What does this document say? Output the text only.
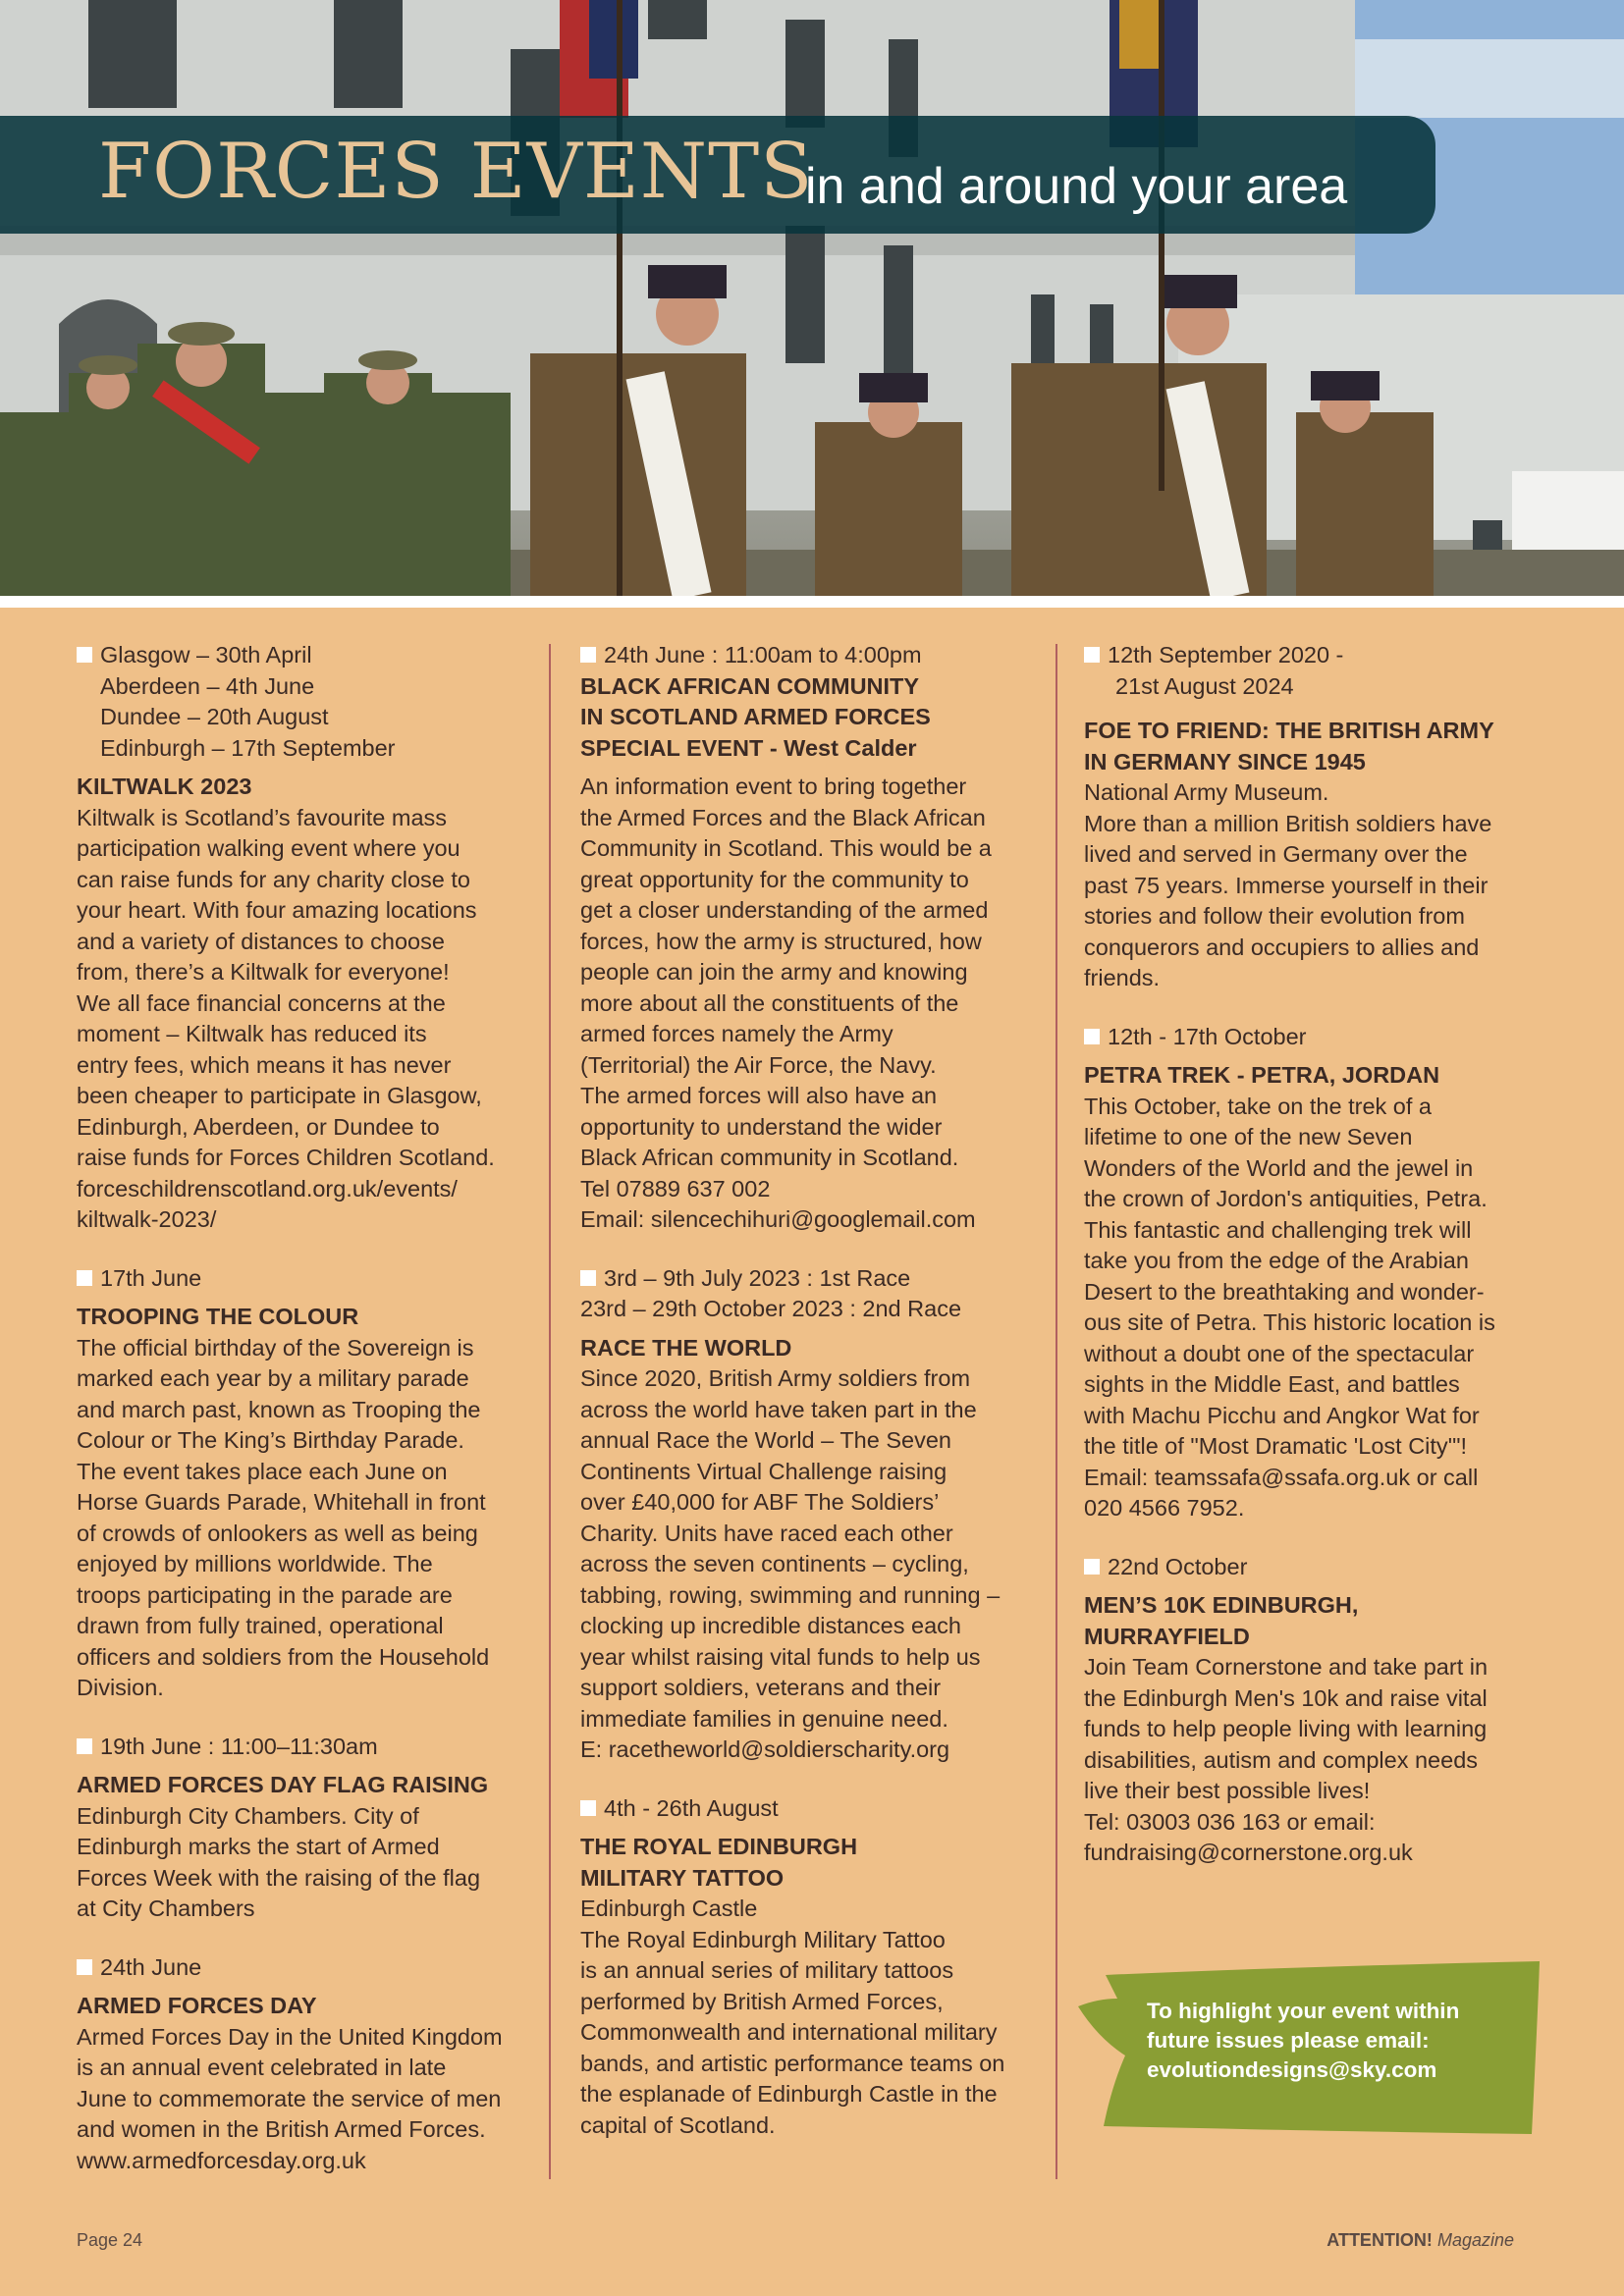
FORCES EVENTS
in and around your area
Glasgow – 30th April
Aberdeen – 4th June
Dundee – 20th August
Edinburgh – 17th September
KILTWALK 2023
Kiltwalk is Scotland’s favourite mass
participation walking event where you
can raise funds for any charity close to
your heart. With four amazing locations
and a variety of distances to choose
from, there’s a Kiltwalk for everyone!
We all face financial concerns at the
moment – Kiltwalk has reduced its
entry fees, which means it has never
been cheaper to participate in Glasgow,
Edinburgh, Aberdeen, or Dundee to
raise funds for Forces Children Scotland.
forceschildrenscotland.org.uk/events/
kiltwalk-2023/
17th June
TROOPING THE COLOUR
The official birthday of the Sovereign is
marked each year by a military parade
and march past, known as Trooping the
Colour or The King’s Birthday Parade.
The event takes place each June on
Horse Guards Parade, Whitehall in front
of crowds of onlookers as well as being
enjoyed by millions worldwide. The
troops participating in the parade are
drawn from fully trained, operational
officers and soldiers from the Household
Division.
19th June : 11:00–11:30am
ARMED FORCES DAY FLAG RAISING
Edinburgh City Chambers. City of
Edinburgh marks the start of Armed
Forces Week with the raising of the flag
at City Chambers
24th June
ARMED FORCES DAY
Armed Forces Day in the United Kingdom
is an annual event celebrated in late
June to commemorate the service of men
and women in the British Armed Forces.
www.armedforcesday.org.uk
24th June : 11:00am to 4:00pm
BLACK AFRICAN COMMUNITY
IN SCOTLAND ARMED FORCES
SPECIAL EVENT - West Calder
An information event to bring together
the Armed Forces and the Black African
Community in Scotland. This would be a
great opportunity for the community to
get a closer understanding of the armed
forces, how the army is structured, how
people can join the army and knowing
more about all the constituents of the
armed forces namely the Army
(Territorial) the Air Force, the Navy.
The armed forces will also have an
opportunity to understand the wider
Black African community in Scotland.
Tel 07889 637 002
Email: silencechihuri@googlemail.com
3rd – 9th July 2023 : 1st Race
23rd – 29th October 2023 : 2nd Race
RACE THE WORLD
Since 2020, British Army soldiers from
across the world have taken part in the
annual Race the World – The Seven
Continents Virtual Challenge raising
over £40,000 for ABF The Soldiers’
Charity. Units have raced each other
across the seven continents – cycling,
tabbing, rowing, swimming and running –
clocking up incredible distances each
year whilst raising vital funds to help us
support soldiers, veterans and their
immediate families in genuine need.
E: racetheworld@soldierscharity.org
4th - 26th August
THE ROYAL EDINBURGH
MILITARY TATTOO
Edinburgh Castle
The Royal Edinburgh Military Tattoo
is an annual series of military tattoos
performed by British Armed Forces,
Commonwealth and international military
bands, and artistic performance teams on
the esplanade of Edinburgh Castle in the
capital of Scotland.
12th September 2020 -
21st August 2024
FOE TO FRIEND: THE BRITISH ARMY
IN GERMANY SINCE 1945
National Army Museum.
More than a million British soldiers have
lived and served in Germany over the
past 75 years. Immerse yourself in their
stories and follow their evolution from
conquerors and occupiers to allies and
friends.
12th - 17th October
PETRA TREK - PETRA, JORDAN
This October, take on the trek of a
lifetime to one of the new Seven
Wonders of the World and the jewel in
the crown of Jordon's antiquities, Petra.
This fantastic and challenging trek will
take you from the edge of the Arabian
Desert to the breathtaking and wonder-
ous site of Petra. This historic location is
without a doubt one of the spectacular
sights in the Middle East, and battles
with Machu Picchu and Angkor Wat for
the title of "Most Dramatic 'Lost City'"!
Email: teamssafa@ssafa.org.uk or call
020 4566 7952.
22nd October
MEN’S 10K EDINBURGH,
MURRAYFIELD
Join Team Cornerstone and take part in
the Edinburgh Men's 10k and raise vital
funds to help people living with learning
disabilities, autism and complex needs
live their best possible lives!
Tel: 03003 036 163 or email:
fundraising@cornerstone.org.uk
To highlight your event within
future issues please email:
evolutiondesigns@sky.com
Page 24	ATTENTION! Magazine
